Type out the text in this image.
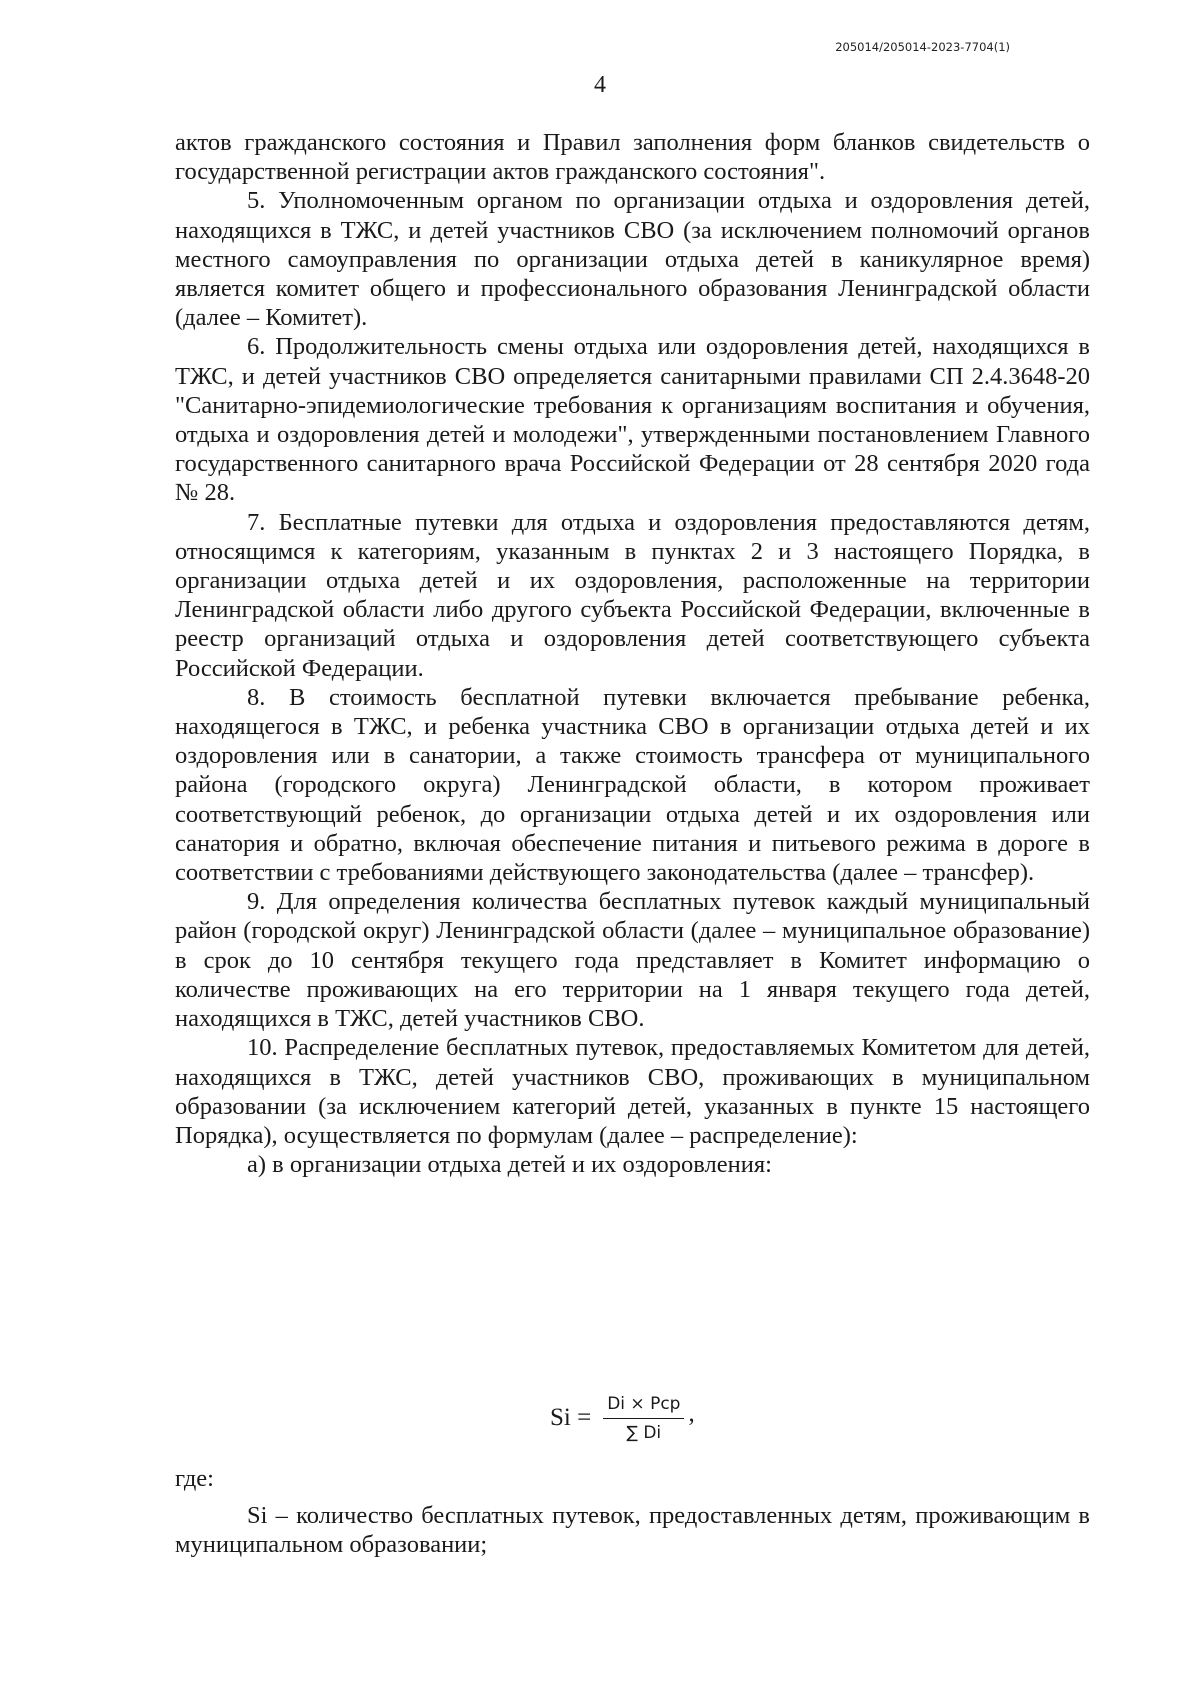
205014/205014-2023-7704(1)
4

актов гражданского состояния и Правил заполнения форм бланков свидетельств о государственной регистрации актов гражданского состояния".

5. Уполномоченным органом по организации отдыха и оздоровления детей, находящихся в ТЖС, и детей участников СВО (за исключением полномочий органов местного самоуправления по организации отдыха детей в каникулярное время) является комитет общего и профессионального образования Ленинградской области (далее – Комитет).

6. Продолжительность смены отдыха или оздоровления детей, находящихся в ТЖС, и детей участников СВО определяется санитарными правилами СП 2.4.3648-20 "Санитарно-эпидемиологические требования к организациям воспитания и обучения, отдыха и оздоровления детей и молодежи", утвержденными постановлением Главного государственного санитарного врача Российской Федерации от 28 сентября 2020 года № 28.

7. Бесплатные путевки для отдыха и оздоровления предоставляются детям, относящимся к категориям, указанным в пунктах 2 и 3 настоящего Порядка, в организации отдыха детей и их оздоровления, расположенные на территории Ленинградской области либо другого субъекта Российской Федерации, включенные в реестр организаций отдыха и оздоровления детей соответствующего субъекта Российской Федерации.

8. В стоимость бесплатной путевки включается пребывание ребенка, находящегося в ТЖС, и ребенка участника СВО в организации отдыха детей и их оздоровления или в санатории, а также стоимость трансфера от муниципального района (городского округа) Ленинградской области, в котором проживает соответствующий ребенок, до организации отдыха детей и их оздоровления или санатория и обратно, включая обеспечение питания и питьевого режима в дороге в соответствии с требованиями действующего законодательства (далее – трансфер).

9. Для определения количества бесплатных путевок каждый муниципальный район (городской округ) Ленинградской области (далее – муниципальное образование) в срок до 10 сентября текущего года представляет в Комитет информацию о количестве проживающих на его территории на 1 января текущего года детей, находящихся в ТЖС, детей участников СВО.

10. Распределение бесплатных путевок, предоставляемых Комитетом для детей, находящихся в ТЖС, детей участников СВО, проживающих в муниципальном образовании (за исключением категорий детей, указанных в пункте 15 настоящего Порядка), осуществляется по формулам (далее – распределение):

а) в организации отдыха детей и их оздоровления:

$Si = \frac{\text{Di × Pcp}}{\sum Di}$ ,

где:

Si – количество бесплатных путевок, предоставленных детям, проживающим в муниципальном образовании;
